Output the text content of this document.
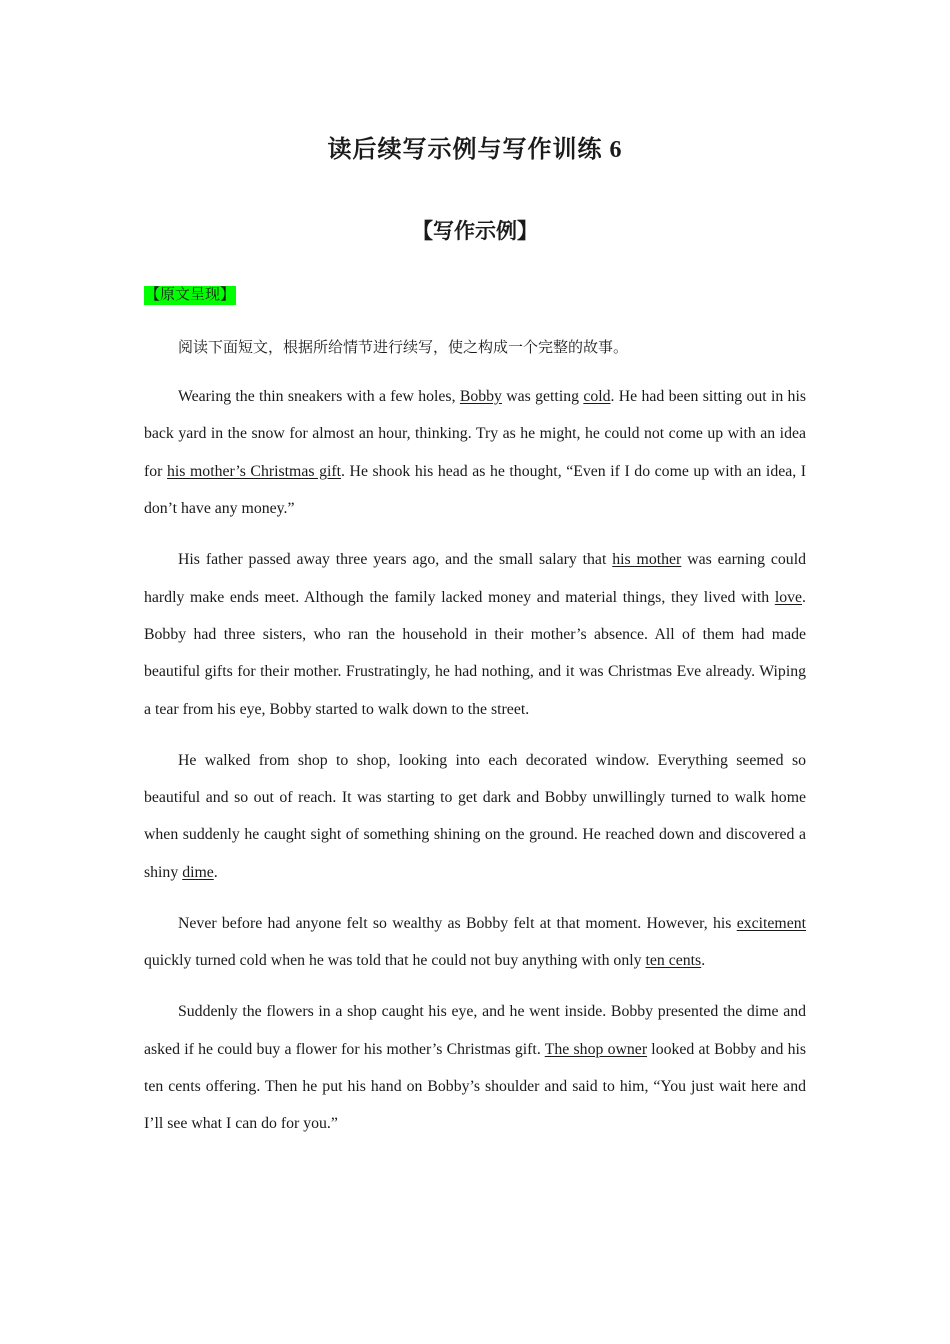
读后续写示例与写作训练 6
【写作示例】
【原文呈现】
阅读下面短文，根据所给情节进行续写，使之构成一个完整的故事。

Wearing the thin sneakers with a few holes, Bobby was getting cold. He had been sitting out in his back yard in the snow for almost an hour, thinking. Try as he might, he could not come up with an idea for his mother’s Christmas gift. He shook his head as he thought, “Even if I do come up with an idea, I don’t have any money.”

His father passed away three years ago, and the small salary that his mother was earning could hardly make ends meet. Although the family lacked money and material things, they lived with love. Bobby had three sisters, who ran the household in their mother’s absence. All of them had made beautiful gifts for their mother. Frustratingly, he had nothing, and it was Christmas Eve already. Wiping a tear from his eye, Bobby started to walk down to the street.

He walked from shop to shop, looking into each decorated window. Everything seemed so beautiful and so out of reach. It was starting to get dark and Bobby unwillingly turned to walk home when suddenly he caught sight of something shining on the ground. He reached down and discovered a shiny dime.

Never before had anyone felt so wealthy as Bobby felt at that moment. However, his excitement quickly turned cold when he was told that he could not buy anything with only ten cents.

Suddenly the flowers in a shop caught his eye, and he went inside. Bobby presented the dime and asked if he could buy a flower for his mother’s Christmas gift. The shop owner looked at Bobby and his ten cents offering. Then he put his hand on Bobby’s shoulder and said to him, “You just wait here and I’ll see what I can do for you.”
